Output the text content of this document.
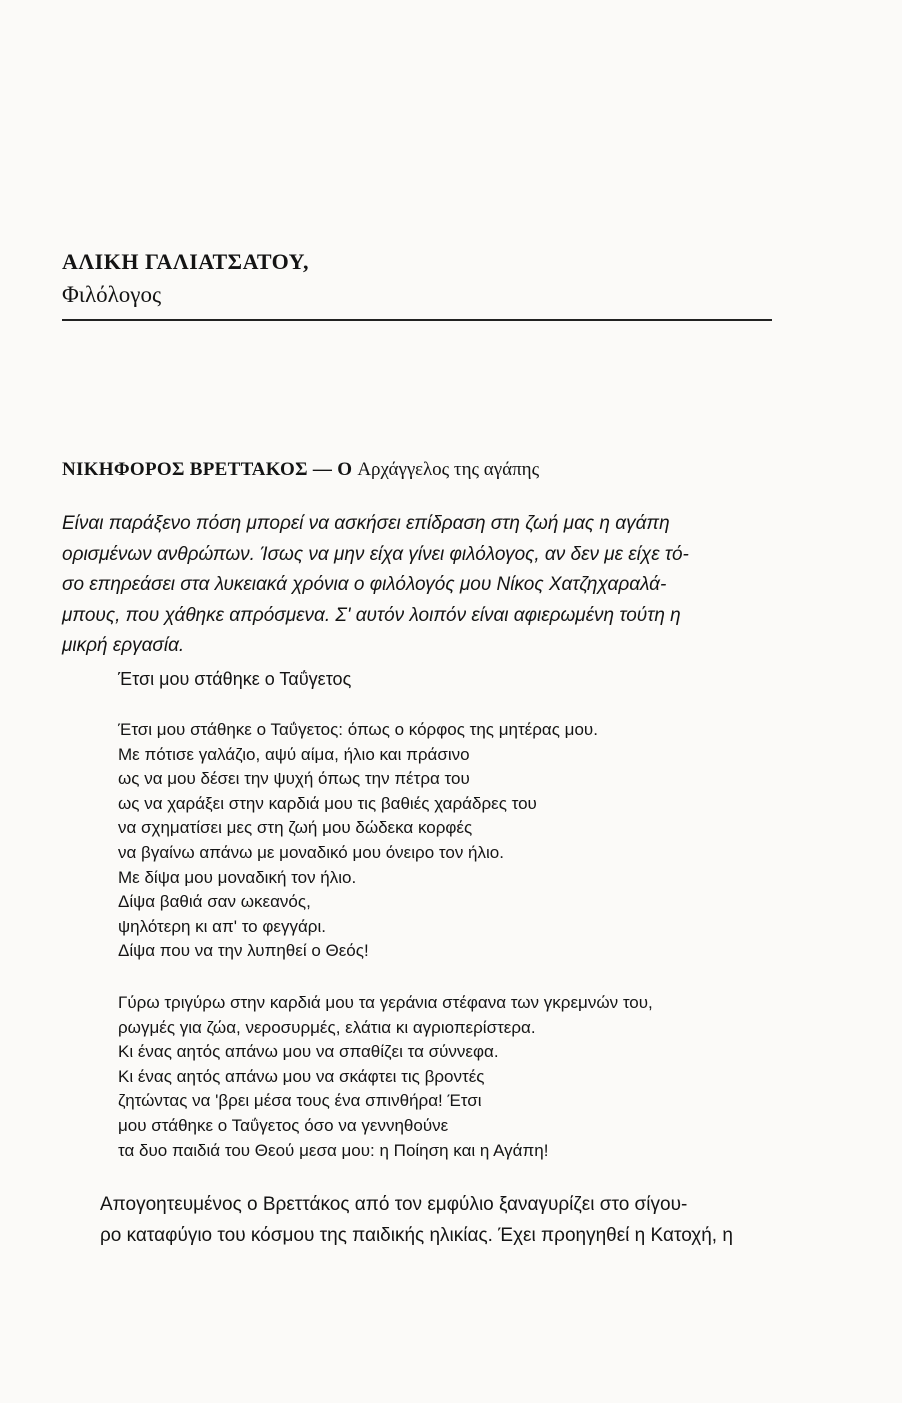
ΑΛΙΚΗ ΓΑΛΙΑΤΣΑΤΟΥ,
Φιλόλογος
ΝΙΚΗΦΟΡΟΣ ΒΡΕΤΤΑΚΟΣ — Ο Αρχάγγελος της αγάπης
Είναι παράξενο πόση μπορεί να ασκήσει επίδραση στη ζωή μας η αγάπη
ορισμένων ανθρώπων. Ίσως να μην είχα γίνει φιλόλογος, αν δεν με είχε τό-
σο επηρεάσει στα λυκειακά χρόνια ο φιλόλογός μου Νίκος Χατζηχαραλά-
μπους, που χάθηκε απρόσμενα. Σ' αυτόν λοιπόν είναι αφιερωμένη τούτη η
μικρή εργασία.
Έτσι μου στάθηκε ο Ταΰγετος
Έτσι μου στάθηκε ο Ταΰγετος: όπως ο κόρφος της μητέρας μου.
Με πότισε γαλάζιο, αψύ αίμα, ήλιο και πράσινο
ως να μου δέσει την ψυχή όπως την πέτρα του
ως να χαράξει στην καρδιά μου τις βαθιές χαράδρες του
να σχηματίσει μες στη ζωή μου δώδεκα κορφές
να βγαίνω απάνω με μοναδικό μου όνειρο τον ήλιο.
Με δίψα μου μοναδική τον ήλιο.
Δίψα βαθιά σαν ωκεανός,
ψηλότερη κι απ' το φεγγάρι.
Δίψα που να την λυπηθεί ο Θεός!
Γύρω τριγύρω στην καρδιά μου τα γεράνια στέφανα των γκρεμνών του,
ρωγμές για ζώα, νεροσυρμές, ελάτια κι αγριοπερίστερα.
Κι ένας αητός απάνω μου να σπαθίζει τα σύννεφα.
Κι ένας αητός απάνω μου να σκάφτει τις βροντές
ζητώντας να 'βρει μέσα τους ένα σπινθήρα! Έτσι
μου στάθηκε ο Ταΰγετος όσο να γεννηθούνε
τα δυο παιδιά του Θεού μεσα μου: η Ποίηση και η Αγάπη!
Απογοητευμένος ο Βρεττάκος από τον εμφύλιο ξαναγυρίζει στο σίγου-
ρο καταφύγιο του κόσμου της παιδικής ηλικίας. Έχει προηγηθεί η Κατοχή, η
